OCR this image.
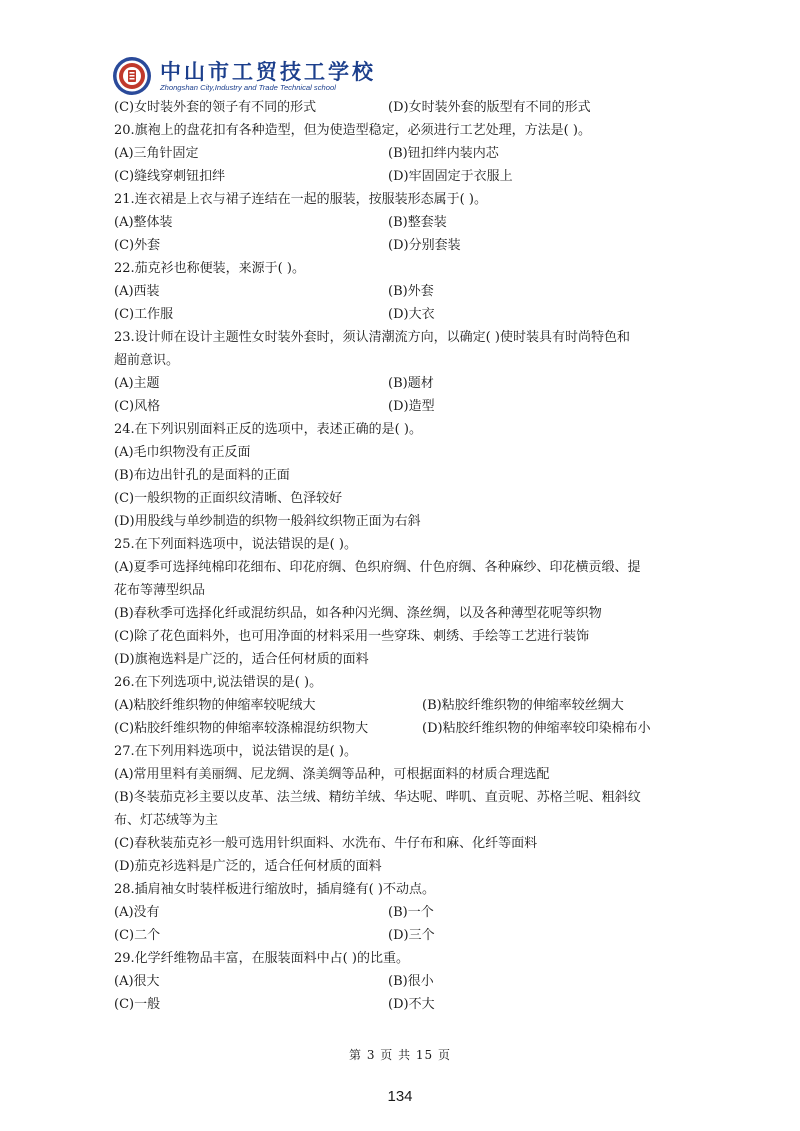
中山市工贸技工学校
Zhongshan City,Industry and Trade Technical school
(C)女时装外套的领子有不同的形式	(D)女时装外套的版型有不同的形式
20.旗袍上的盘花扣有各种造型，但为使造型稳定，必须进行工艺处理，方法是( )。
(A)三角针固定	(B)钮扣绊内装内芯
(C)缝线穿刺钮扣绊	(D)牢固固定于衣服上
21.连衣裙是上衣与裙子连结在一起的服装，按服装形态属于( )。
(A)整体装	(B)整套装
(C)外套	(D)分别套装
22.茄克衫也称便装，来源于( )。
(A)西装	(B)外套
(C)工作服	(D)大衣
23.设计师在设计主题性女时装外套时，须认清潮流方向，以确定( )使时装具有时尚特色和
超前意识。
(A)主题	(B)题材
(C)风格	(D)造型
24.在下列识别面料正反的选项中，表述正确的是( )。
(A)毛巾织物没有正反面
(B)布边出针孔的是面料的正面
(C)一般织物的正面织纹清晰、色泽较好
(D)用股线与单纱制造的织物一般斜纹织物正面为右斜
25.在下列面料选项中，说法错误的是( )。
(A)夏季可选择纯棉印花细布、印花府绸、色织府绸、什色府绸、各种麻纱、印花横贡缎、提
花布等薄型织品
(B)春秋季可选择化纤或混纺织品，如各种闪光绸、涤丝绸，以及各种薄型花呢等织物
(C)除了花色面料外，也可用净面的材料采用一些穿珠、刺绣、手绘等工艺进行装饰
(D)旗袍选料是广泛的，适合任何材质的面料
26.在下列选项中,说法错误的是( )。
(A)粘胶纤维织物的伸缩率较呢绒大	(B)粘胶纤维织物的伸缩率较丝绸大
(C)粘胶纤维织物的伸缩率较涤棉混纺织物大	(D)粘胶纤维织物的伸缩率较印染棉布小
27.在下列用料选项中，说法错误的是( )。
(A)常用里料有美丽绸、尼龙绸、涤美绸等品种，可根据面料的材质合理选配
(B)冬装茄克衫主要以皮革、法兰绒、精纺羊绒、华达呢、哔叽、直贡呢、苏格兰呢、粗斜纹
布、灯芯绒等为主
(C)春秋装茄克衫一般可选用针织面料、水洗布、牛仔布和麻、化纤等面料
(D)茄克衫选料是广泛的，适合任何材质的面料
28.插肩袖女时装样板进行缩放时，插肩缝有( )不动点。
(A)没有	(B)一个
(C)二个	(D)三个
29.化学纤维物品丰富，在服装面料中占( )的比重。
(A)很大	(B)很小
(C)一般	(D)不大
第 3 页 共 15 页
134
